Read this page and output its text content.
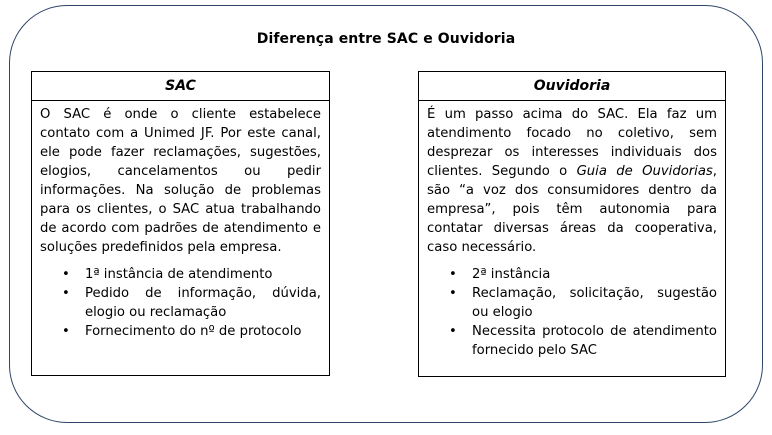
Diferença entre SAC e Ouvidoria
SAC

O SAC é onde o cliente estabelece contato com a Unimed JF. Por este canal, ele pode fazer reclamações, sugestões, elogios, cancelamentos ou pedir informações. Na solução de problemas para os clientes, o SAC atua trabalhando de acordo com padrões de atendimento e soluções predefinidos pela empresa.

• 1ª instância de atendimento
• Pedido de informação, dúvida, elogio ou reclamação
• Fornecimento do nº de protocolo
Ouvidoria

É um passo acima do SAC. Ela faz um atendimento focado no coletivo, sem desprezar os interesses individuais dos clientes. Segundo o Guia de Ouvidorias, são “a voz dos consumidores dentro da empresa”, pois têm autonomia para contatar diversas áreas da cooperativa, caso necessário.

• 2ª instância
• Reclamação, solicitação, sugestão ou elogio
• Necessita protocolo de atendimento fornecido pelo SAC
